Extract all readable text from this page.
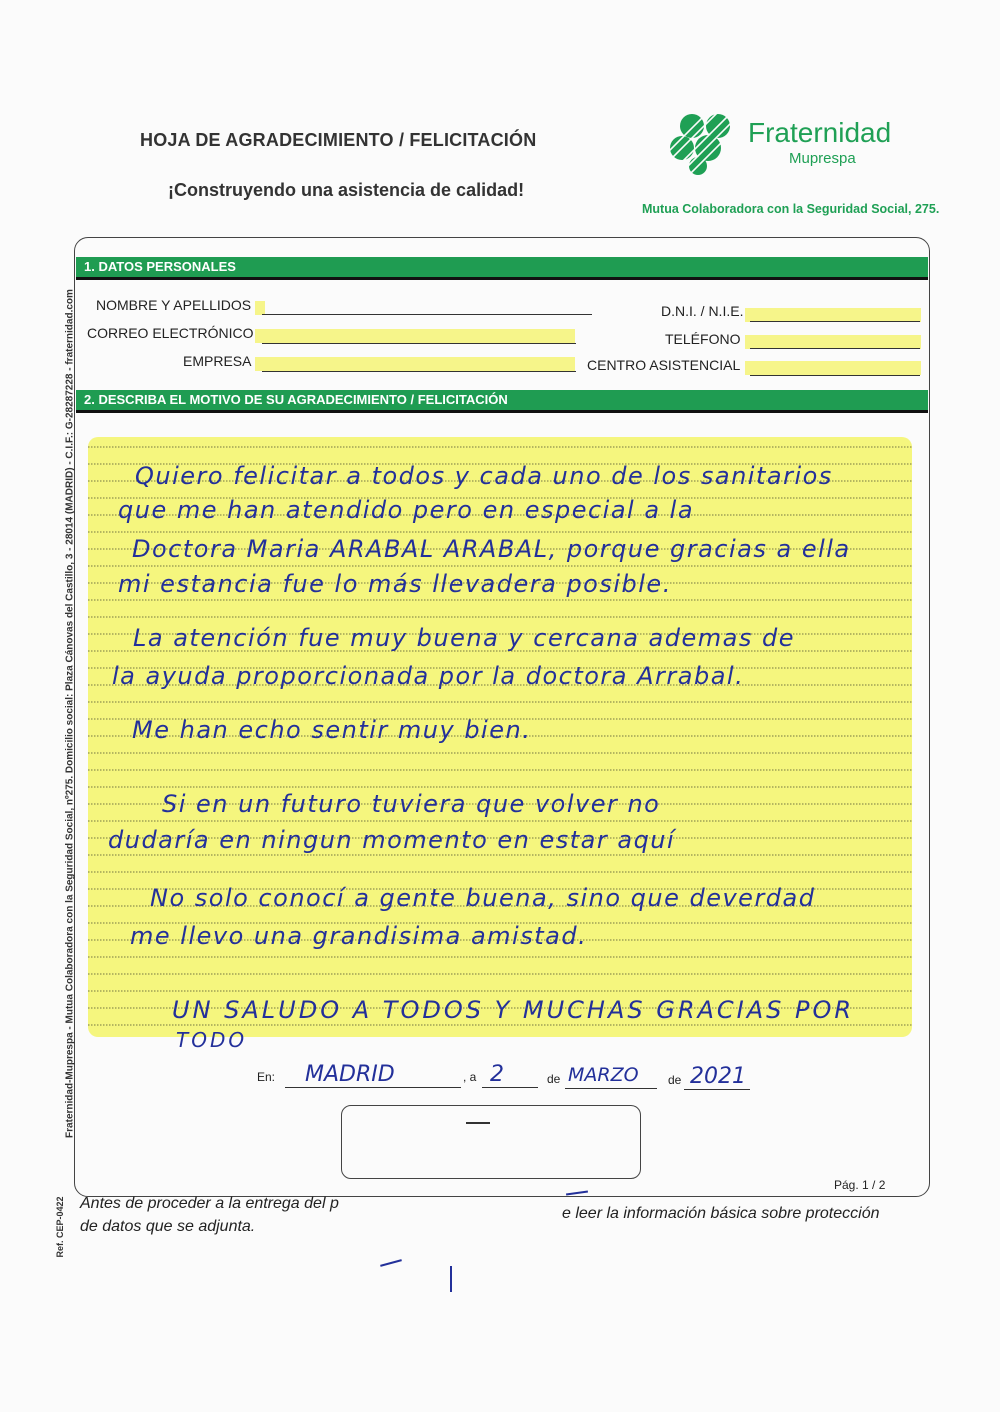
HOJA DE AGRADECIMIENTO / FELICITACIÓN
¡Construyendo una asistencia de calidad!
Fraternidad
Muprespa
Mutua Colaboradora con la Seguridad Social, 275.
1. DATOS PERSONALES
NOMBRE Y APELLIDOS
CORREO ELECTRÓNICO
EMPRESA
D.N.I. / N.I.E.
TELÉFONO
CENTRO ASISTENCIAL
2. DESCRIBA EL MOTIVO DE SU AGRADECIMIENTO / FELICITACIÓN
Quiero felicitar a todos y cada uno de los sanitarios
que me han atendido pero en especial a la
Doctora Maria ARABAL ARABAL, porque gracias a ella
mi estancia fue lo más llevadera posible.
La atención fue muy buena y cercana ademas de
la ayuda proporcionada por la doctora Arrabal.
Me han echo sentir muy bien.
Si en un futuro tuviera que volver no
dudaría en ningun momento en estar aquí
No solo conocí a gente buena, sino que deverdad
me llevo una grandisima amistad.
UN SALUDO A TODOS Y MUCHAS GRACIAS POR
TODO
En: MADRID	, a 2	de MARZO de 2021
Pág. 1 / 2
Antes de proceder a la entrega del p
e leer la información básica sobre protección
de datos que se adjunta.
Fraternidad-Muprespa - Mutua Colaboradora con la Seguridad Social, nº275. Domicilio social: Plaza Cánovas del Castillo, 3 - 28014 (MADRID) - C.I.F.: G-28287228 - fraternidad.com
Ref. CEP-0422
